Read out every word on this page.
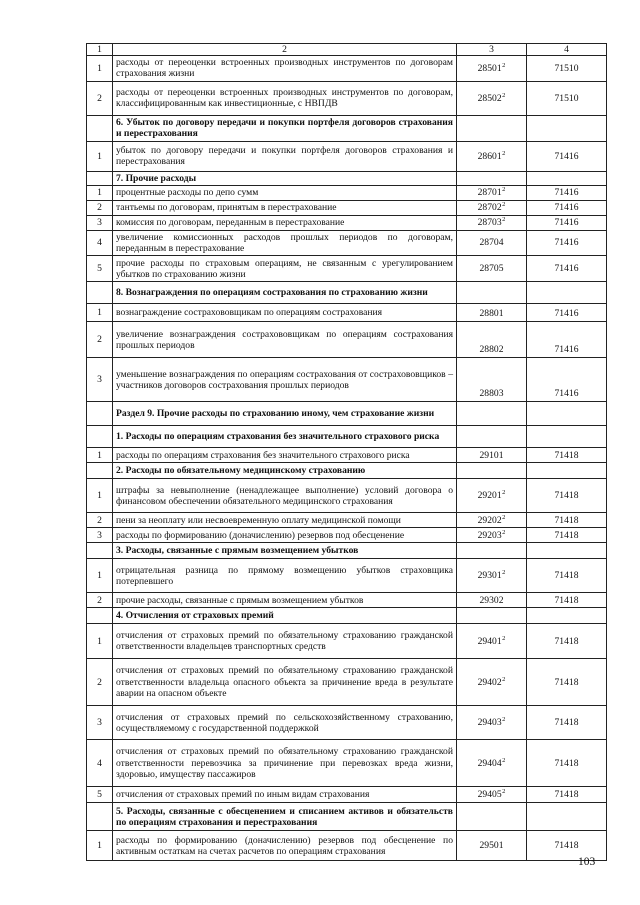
1	2	3	4
1	расходы от переоценки встроенных производных инструментов по договорам страхования жизни	28501$^2$	71510
2	расходы от переоценки встроенных производных инструментов по договорам, классифицированным как инвестиционные, с НВПДВ	28502$^2$	71510
	6. Убыток по договору передачи и покупки портфеля договоров страхования и перестрахования		
1	убыток по договору передачи и покупки портфеля договоров страхования и перестрахования	28601$^2$	71416
	7. Прочие расходы		
1	процентные расходы по депо сумм	28701$^2$	71416
2	тантьемы по договорам, принятым в перестрахование	28702$^2$	71416
3	комиссия по договорам, переданным в перестрахование	28703$^2$	71416
4	увеличение комиссионных расходов прошлых периодов по договорам, переданным в перестрахование	28704	71416
5	прочие расходы по страховым операциям, не связанным с урегулированием убытков по страхованию жизни	28705	71416
	8. Вознаграждения по операциям сострахования по страхованию жизни		
1	вознаграждение сострахововщикам по операциям сострахования	28801	71416
2	увеличение вознаграждения сострахововщикам по операциям сострахования прошлых периодов	28802	71416
3	уменьшение вознаграждения по операциям сострахования от сострахововщиков – участников договоров сострахования прошлых периодов	28803	71416
	Раздел 9. Прочие расходы по страхованию иному, чем страхование жизни		
	1. Расходы по операциям страхования без значительного страхового риска		
1	расходы по операциям страхования без значительного страхового риска	29101	71418
	2. Расходы по обязательному медицинскому страхованию		
1	штрафы за невыполнение (ненадлежащее выполнение) условий договора о финансовом обеспечении обязательного медицинского страхования	29201$^2$	71418
2	пени за неоплату или несвоевременную оплату медицинской помощи	29202$^2$	71418
3	расходы по формированию (доначислению) резервов под обесценение	29203$^2$	71418
	3. Расходы, связанные с прямым возмещением убытков		
1	отрицательная разница по прямому возмещению убытков страховщика потерпевшего	29301$^2$	71418
2	прочие расходы, связанные с прямым возмещением убытков	29302	71418
	4. Отчисления от страховых премий		
1	отчисления от страховых премий по обязательному страхованию гражданской ответственности владельцев транспортных средств	29401$^2$	71418
2	отчисления от страховых премий по обязательному страхованию гражданской ответственности владельца опасного объекта за причинение вреда в результате аварии на опасном объекте	29402$^2$	71418
3	отчисления от страховых премий по сельскохозяйственному страхованию, осуществляемому с государственной поддержкой	29403$^2$	71418
4	отчисления от страховых премий по обязательному страхованию гражданской ответственности перевозчика за причинение при перевозках вреда жизни, здоровью, имуществу пассажиров	29404$^2$	71418
5	отчисления от страховых премий по иным видам страхования	29405$^2$	71418
	5. Расходы, связанные с обесценением и списанием активов и обязательств по операциям страхования и перестрахования		
1	расходы по формированию (доначислению) резервов под обесценение по активным остаткам на счетах расчетов по операциям страхования	29501	71418
103
